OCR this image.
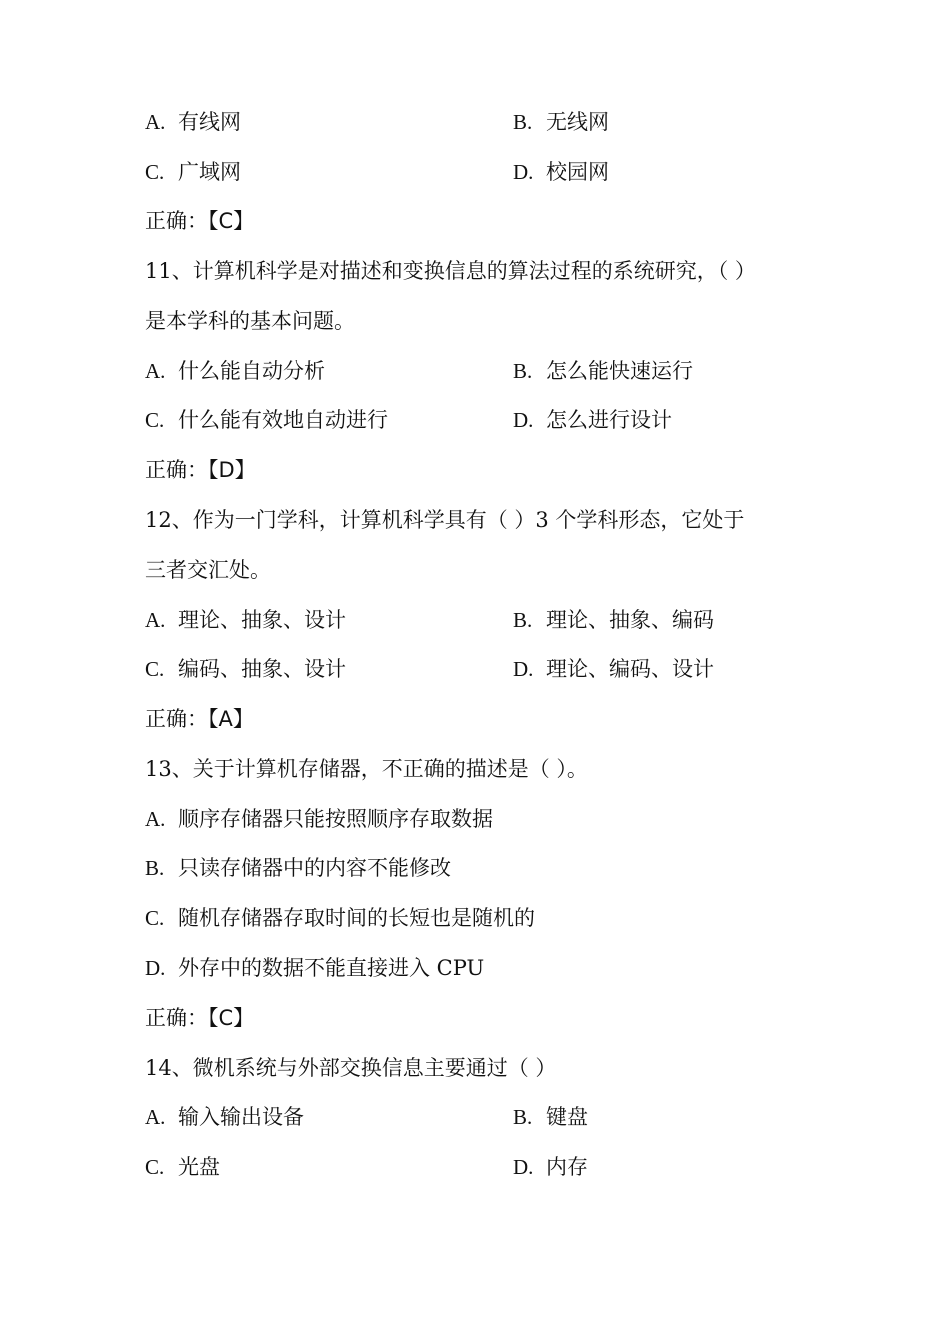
A. 有线网	B. 无线网
C. 广域网	D. 校园网
正确：【C】
11、计算机科学是对描述和变换信息的算法过程的系统研究，（ ）
是本学科的基本问题。
A. 什么能自动分析	B. 怎么能快速运行
C. 什么能有效地自动进行	D. 怎么进行设计
正确：【D】
12、作为一门学科，计算机科学具有（ ）3 个学科形态，它处于
三者交汇处。
A. 理论、抽象、设计	B. 理论、抽象、编码
C. 编码、抽象、设计	D. 理论、编码、设计
正确：【A】
13、关于计算机存储器，不正确的描述是（ ）。
A. 顺序存储器只能按照顺序存取数据
B. 只读存储器中的内容不能修改
C. 随机存储器存取时间的长短也是随机的
D. 外存中的数据不能直接进入 CPU
正确：【C】
14、微机系统与外部交换信息主要通过（ ）
A. 输入输出设备	B. 键盘
C. 光盘	D. 内存
